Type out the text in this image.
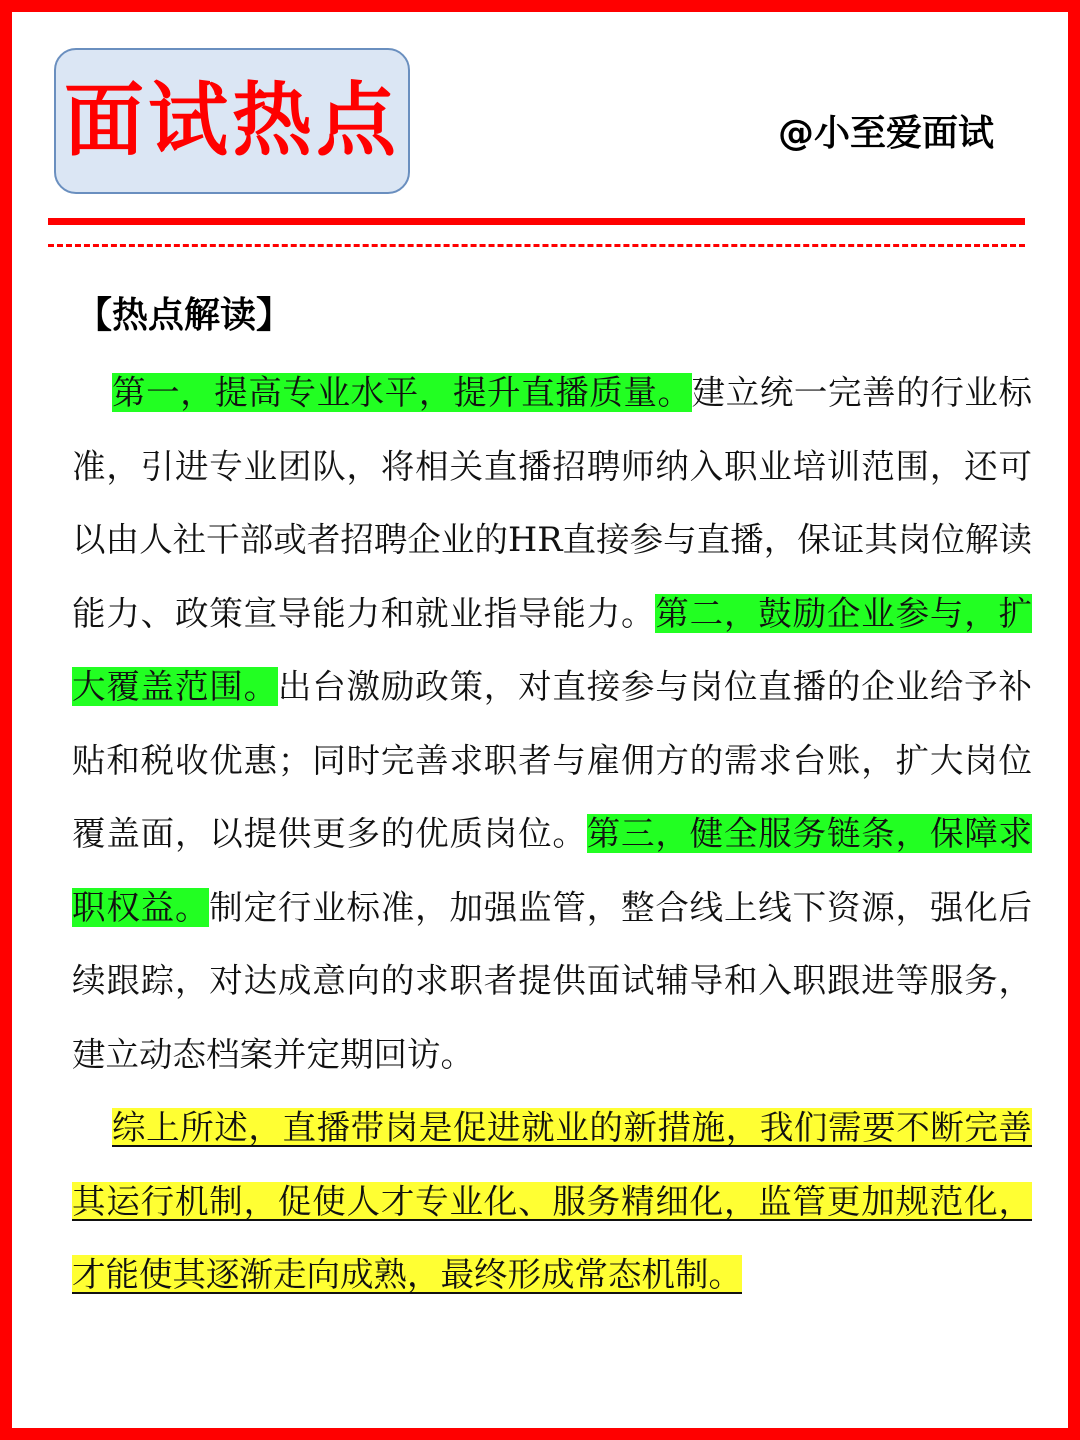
面试热点	@小至爱面试
【热点解读】

第一，提高专业水平，提升直播质量。建立统一完善的行业标准，引进专业团队，将相关直播招聘师纳入职业培训范围，还可以由人社干部或者招聘企业的HR直接参与直播，保证其岗位解读能力、政策宣导能力和就业指导能力。第二，鼓励企业参与，扩大覆盖范围。出台激励政策，对直接参与岗位直播的企业给予补贴和税收优惠；同时完善求职者与雇佣方的需求台账，扩大岗位覆盖面，以提供更多的优质岗位。第三，健全服务链条，保障求职权益。制定行业标准，加强监管，整合线上线下资源，强化后续跟踪，对达成意向的求职者提供面试辅导和入职跟进等服务，建立动态档案并定期回访。

综上所述，直播带岗是促进就业的新措施，我们需要不断完善其运行机制，促使人才专业化、服务精细化，监管更加规范化，才能使其逐渐走向成熟，最终形成常态机制。
